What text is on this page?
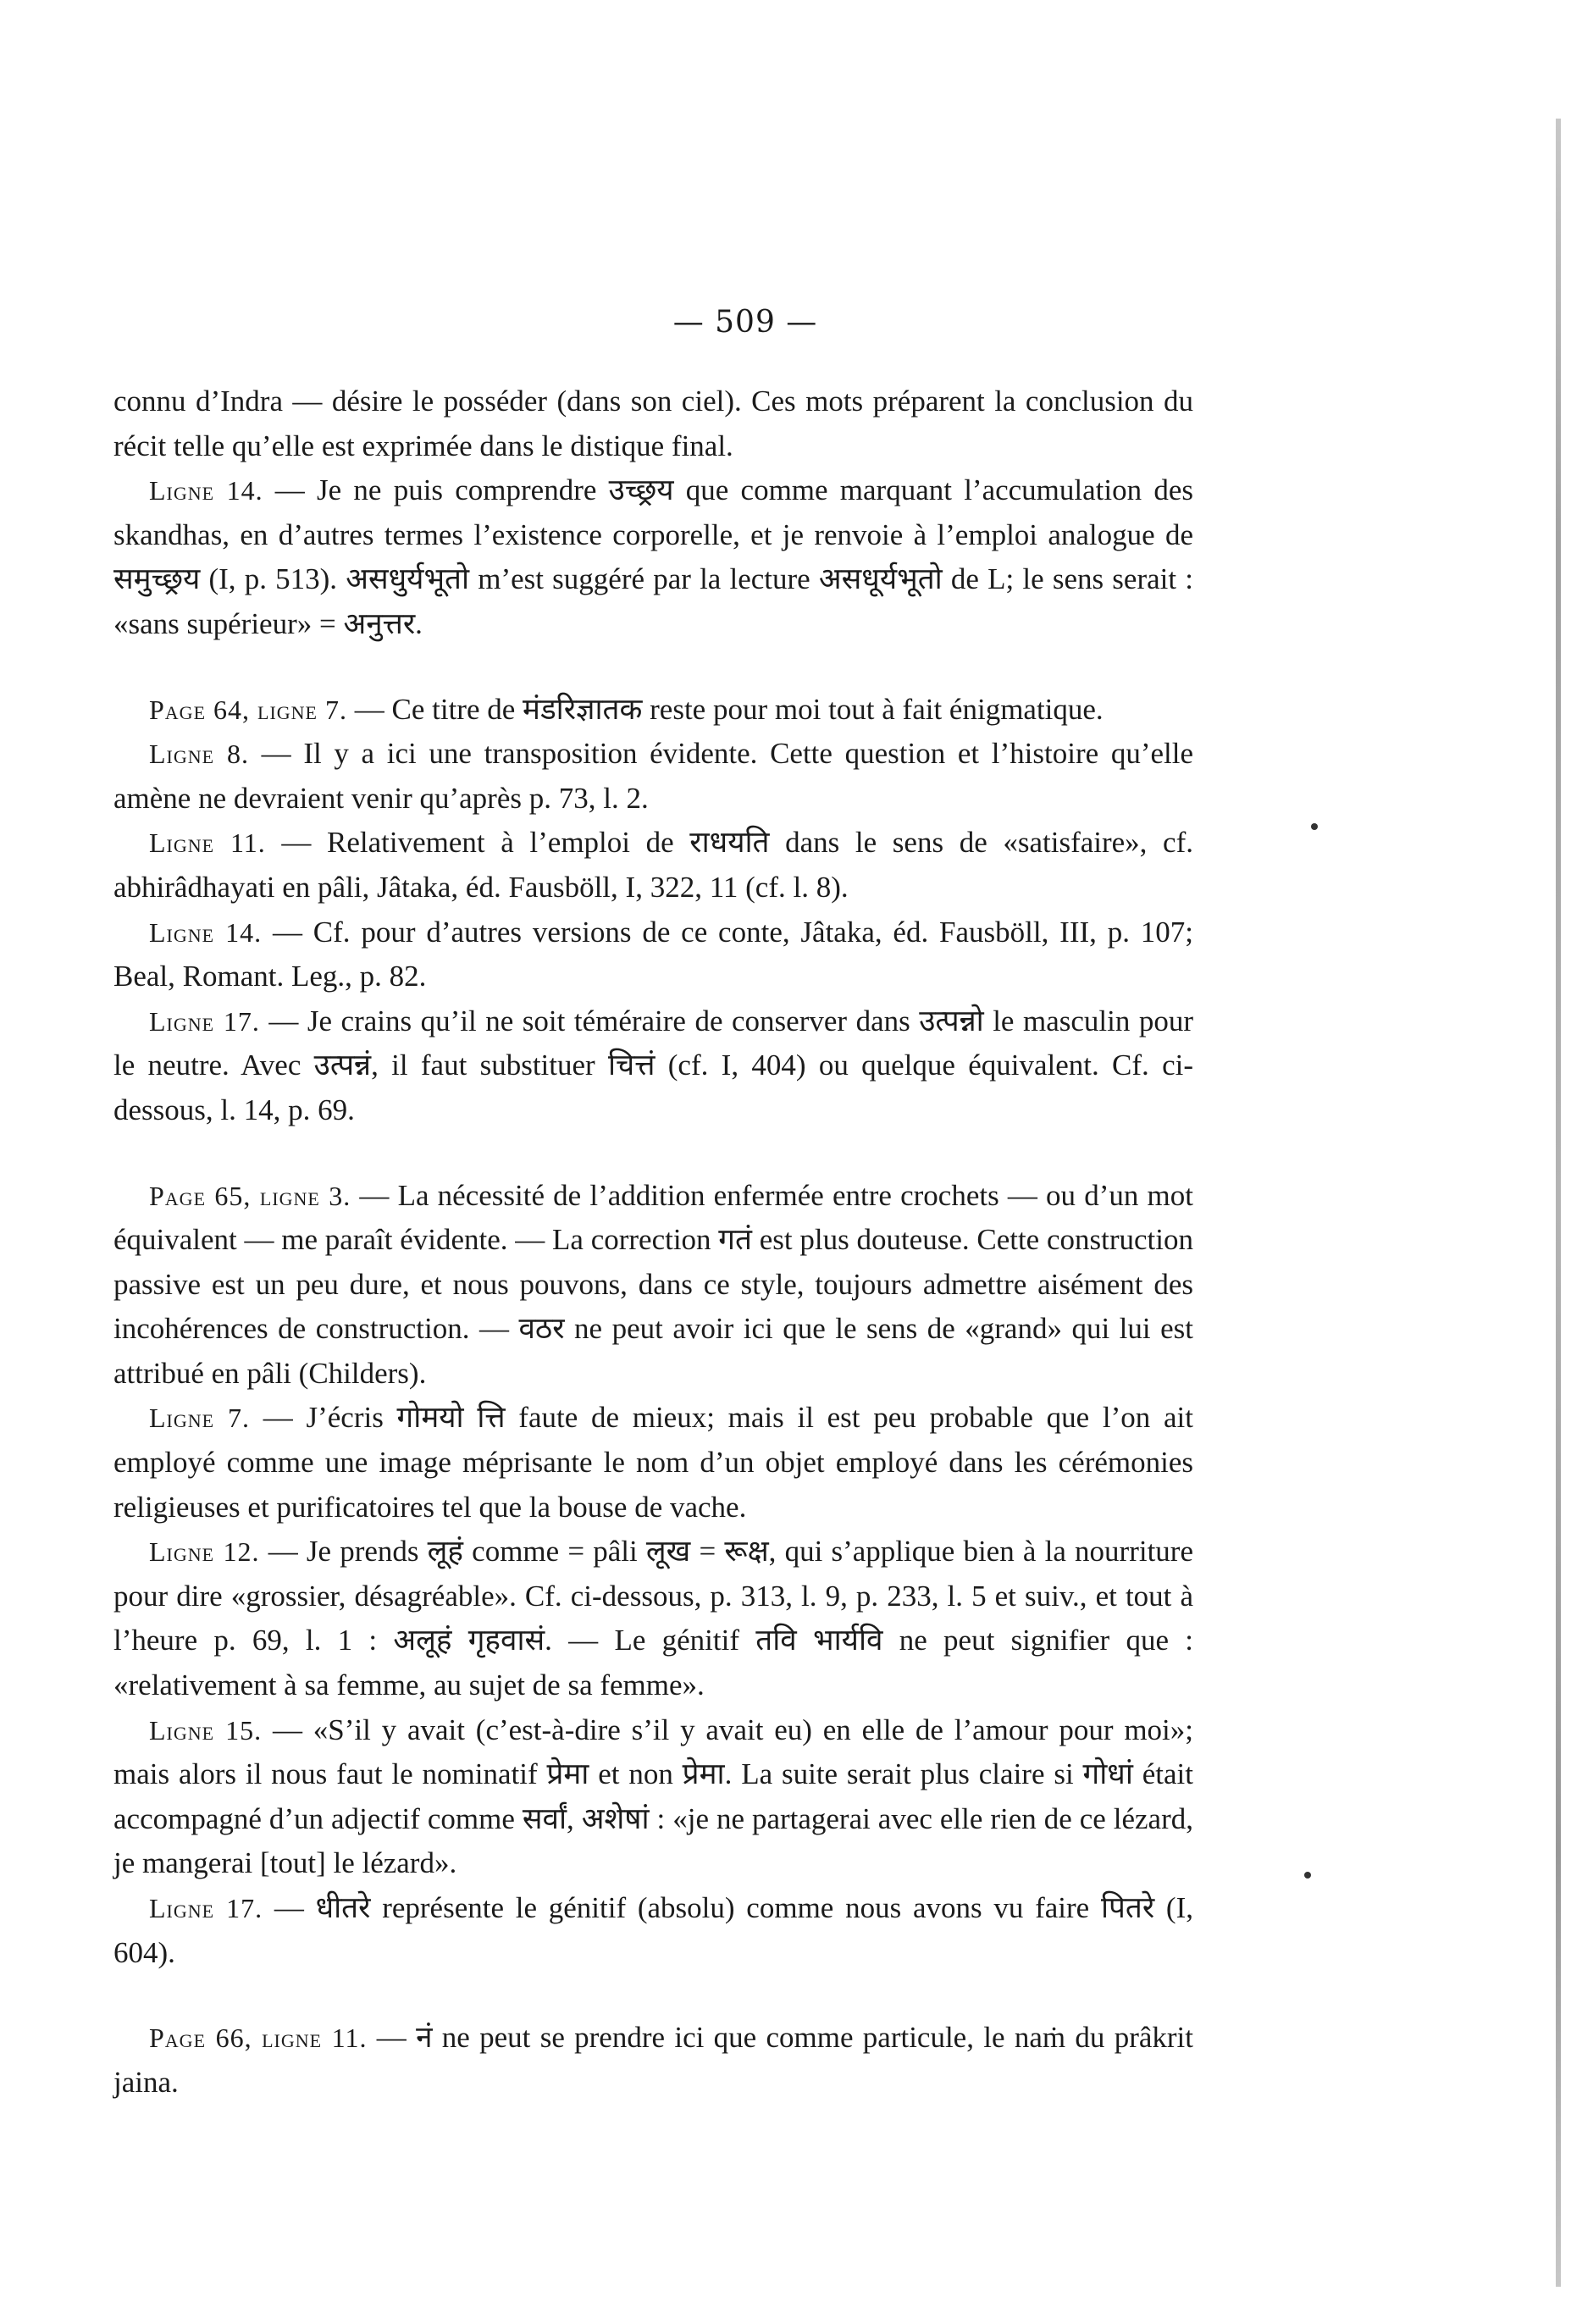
— 509 —

connu d’Indra — désire le posséder (dans son ciel). Ces mots préparent la conclusion du récit telle qu’elle est exprimée dans le distique final.

Ligne 14. — Je ne puis comprendre उच्छ्रय que comme marquant l’accumulation des skandhas, en d’autres termes l’existence corporelle, et je renvoie à l’emploi analogue de समुच्छ्रय (I, p. 513). असधुर्यभूतो m’est suggéré par la lecture असधूर्यभूतो de L; le sens serait : «sans supérieur» = अनुत्तर.

Page 64, ligne 7. — Ce titre de मंडरिज्ञातक reste pour moi tout à fait énigmatique.

Ligne 8. — Il y a ici une transposition évidente. Cette question et l’histoire qu’elle amène ne devraient venir qu’après p. 73, l. 2.

Ligne 11. — Relativement à l’emploi de राधयति dans le sens de «satisfaire», cf. abhirâdhayati en pâli, Jâtaka, éd. Fausböll, I, 322, 11 (cf. l. 8).

Ligne 14. — Cf. pour d’autres versions de ce conte, Jâtaka, éd. Fausböll, III, p. 107; Beal, Romant. Leg., p. 82.

Ligne 17. — Je crains qu’il ne soit téméraire de conserver dans उत्पन्नो le masculin pour le neutre. Avec उत्पन्नं, il faut substituer चित्तं (cf. I, 404) ou quelque équivalent. Cf. ci-dessous, l. 14, p. 69.

Page 65, ligne 3. — La nécessité de l’addition enfermée entre crochets — ou d’un mot équivalent — me paraît évidente. — La correction गतं est plus douteuse. Cette construction passive est un peu dure, et nous pouvons, dans ce style, toujours admettre aisément des incohérences de construction. — वठर ne peut avoir ici que le sens de «grand» qui lui est attribué en pâli (Childers).

Ligne 7. — J’écris गोमयो त्ति faute de mieux; mais il est peu probable que l’on ait employé comme une image méprisante le nom d’un objet employé dans les cérémonies religieuses et purificatoires tel que la bouse de vache.

Ligne 12. — Je prends लूहं comme = pâli लूख = रूक्ष, qui s’applique bien à la nourriture pour dire «grossier, désagréable». Cf. ci-dessous, p. 313, l. 9, p. 233, l. 5 et suiv., et tout à l’heure p. 69, l. 1 : अलूहं गृहवासं. — Le génitif तवि भार्यवि ne peut signifier que : «relativement à sa femme, au sujet de sa femme».

Ligne 15. — «S’il y avait (c’est-à-dire s’il y avait eu) en elle de l’amour pour moi»; mais alors il nous faut le nominatif प्रेमा et non प्रेमा. La suite serait plus claire si गोधां était accompagné d’un adjectif comme सर्वां, अशेषां : «je ne partagerai avec elle rien de ce lézard, je mangerai [tout] le lézard».

Ligne 17. — धीतरे représente le génitif (absolu) comme nous avons vu faire पितरे (I, 604).

Page 66, ligne 11. — नं ne peut se prendre ici que comme particule, le naṁ du prâkrit jaina.
